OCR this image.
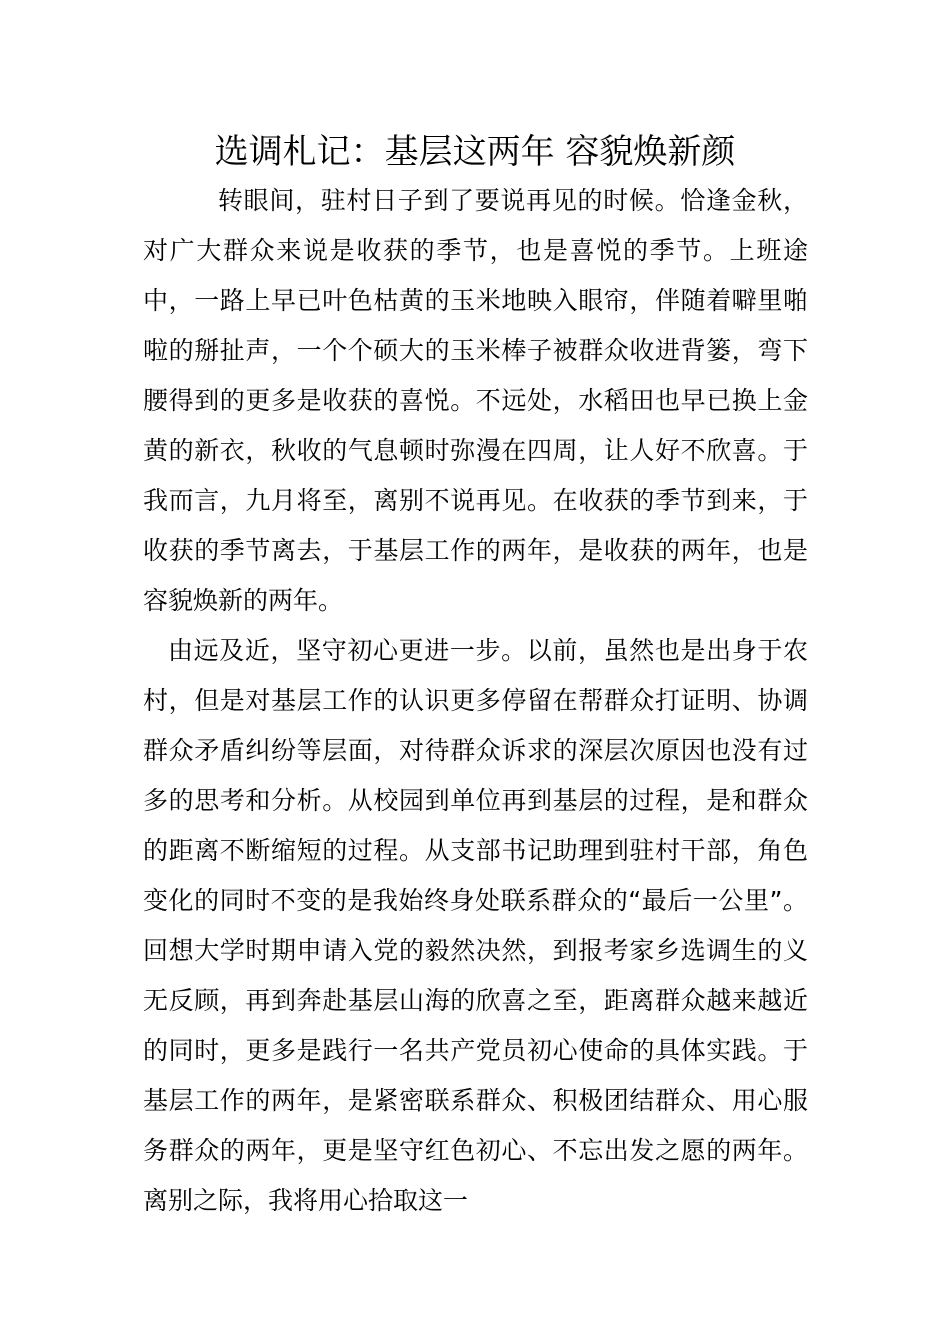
选调札记：基层这两年 容貌焕新颜

转眼间，驻村日子到了要说再见的时候。恰逢金秋，对广大群众来说是收获的季节，也是喜悦的季节。上班途中，一路上早已叶色枯黄的玉米地映入眼帘，伴随着噼里啪啦的掰扯声，一个个硕大的玉米棒子被群众收进背篓，弯下腰得到的更多是收获的喜悦。不远处，水稻田也早已换上金黄的新衣，秋收的气息顿时弥漫在四周，让人好不欣喜。于我而言，九月将至，离别不说再见。在收获的季节到来，于收获的季节离去，于基层工作的两年，是收获的两年，也是容貌焕新的两年。

由远及近，坚守初心更进一步。以前，虽然也是出身于农村，但是对基层工作的认识更多停留在帮群众打证明、协调群众矛盾纠纷等层面，对待群众诉求的深层次原因也没有过多的思考和分析。从校园到单位再到基层的过程，是和群众的距离不断缩短的过程。从支部书记助理到驻村干部，角色变化的同时不变的是我始终身处联系群众的“最后一公里”。回想大学时期申请入党的毅然决然，到报考家乡选调生的义无反顾，再到奔赴基层山海的欣喜之至，距离群众越来越近的同时，更多是践行一名共产党员初心使命的具体实践。于基层工作的两年，是紧密联系群众、积极团结群众、用心服务群众的两年，更是坚守红色初心、不忘出发之愿的两年。离别之际，我将用心拾取这一
